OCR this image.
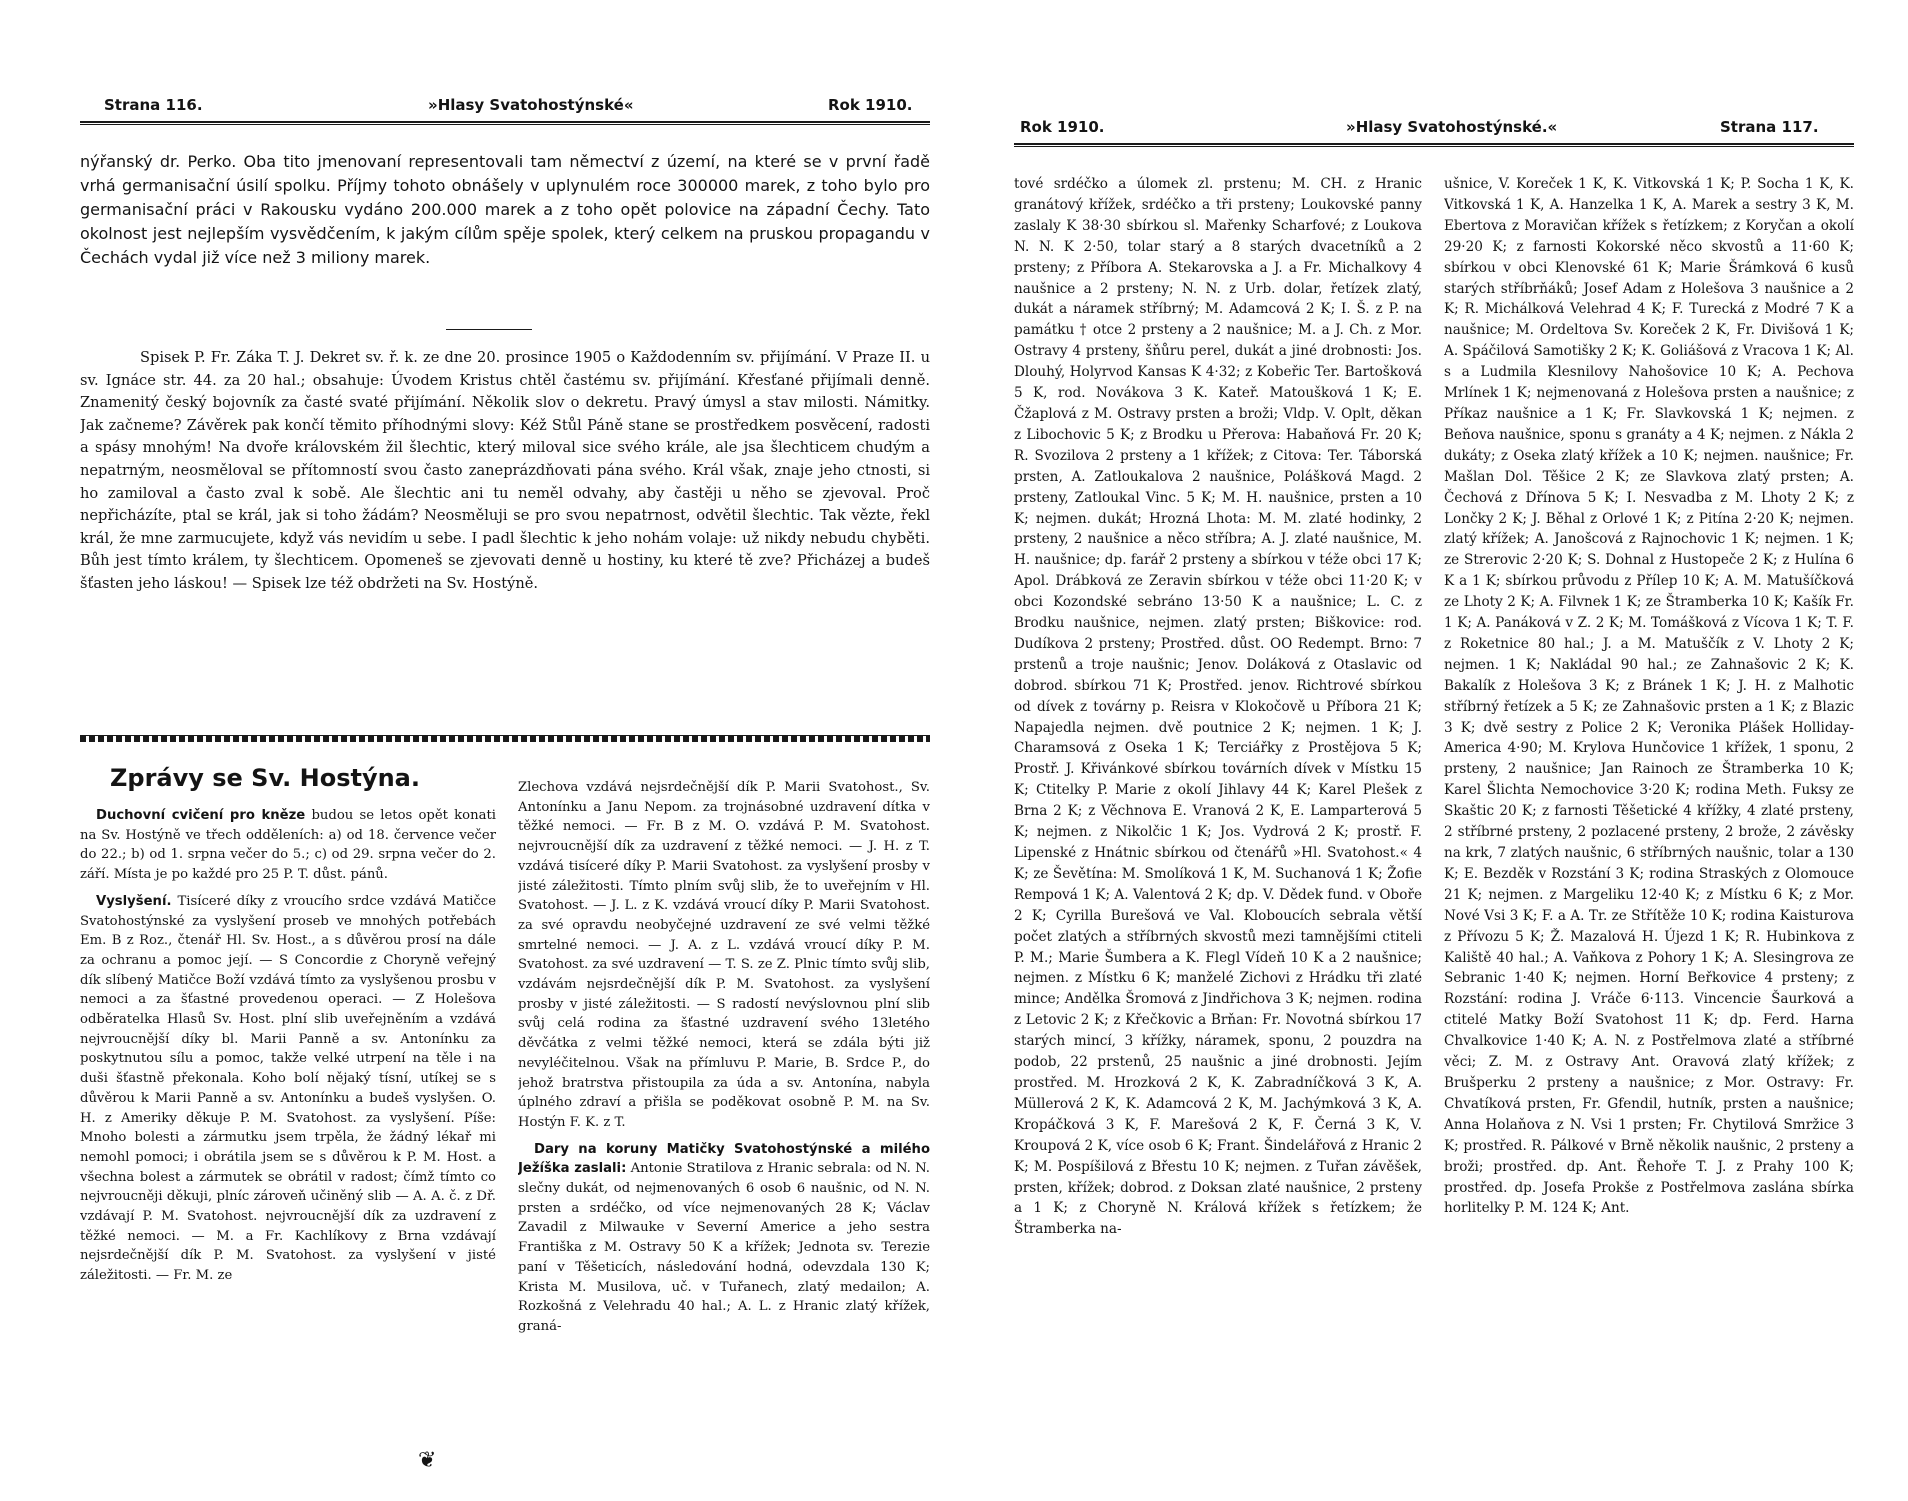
Strana 116.	»Hlasy Svatohostýnské«	Rok 1910.

nýřanský dr. Perko. Oba tito jmenovaní representovali tam němectví z území, na které se v první řadě vrhá germanisační úsilí spolku. Příjmy tohoto obnášely v uplynulém roce 300000 marek, z toho bylo pro germanisační práci v Rakousku vydáno 200.000 marek a z toho opět polovice na západní Čechy. Tato okolnost jest nejlepším vysvědčením, k jakým cílům spěje spolek, který celkem na pruskou propagandu v Čechách vydal již více než 3 miliony marek.

Spisek P. Fr. Záka T. J. Dekret sv. ř. k. ze dne 20. prosince 1905 o Každodenním sv. přijímání. V Praze II. u sv. Ignáce str. 44. za 20 hal.; obsahuje: Úvodem Kristus chtěl častému sv. přijímání. Křesťané přijímali denně. Znamenitý český bojovník za časté svaté přijímání. Několik slov o dekretu. Pravý úmysl a stav milosti. Námitky. Jak začneme? Závěrek pak končí těmito příhodnými slovy: Kéž Stůl Páně stane se prostředkem posvěcení, radosti a spásy mnohým! Na dvoře královském žil šlechtic, který miloval sice svého krále, ale jsa šlechticem chudým a nepatrným, neosměloval se přítomností svou často zaneprázdňovati pána svého. Král však, znaje jeho ctnosti, si ho zamiloval a často zval k sobě. Ale šlechtic ani tu neměl odvahy, aby častěji u něho se zjevoval. Proč nepřicházíte, ptal se král, jak si toho žádám? Neosměluji se pro svou nepatrnost, odvětil šlechtic. Tak vězte, řekl král, že mne zarmucujete, když vás nevidím u sebe. I padl šlechtic k jeho nohám volaje: už nikdy nebudu chyběti. Bůh jest tímto králem, ty šlechticem. Opomeneš se zjevovati denně u hostiny, ku které tě zve? Přicházej a budeš šťasten jeho láskou! — Spisek lze též obdržeti na Sv. Hostýně.

Zprávy se Sv. Hostýna.

Duchovní cvičení pro kněze budou se letos opět konati na Sv. Hostýně ve třech odděleních: a) od 18. července večer do 22.; b) od 1. srpna večer do 5.; c) od 29. srpna večer do 2. září. Místa je po každé pro 25 P. T. důst. pánů.

Vyslyšení. Tisíceré díky z vroucího srdce vzdává Matičce Svatohostýnské za vyslyšení proseb ve mnohých potřebách Em. B z Roz., čtenář Hl. Sv. Host., a s důvěrou prosí na dále za ochranu a pomoc její. — S Concordie z Choryně veřejný dík slíbený Matičce Boží vzdává tímto za vyslyšenou prosbu v nemoci a za šťastné provedenou operaci. — Z Holešova odběratelka Hlasů Sv. Host. plní slib uveřejněním a vzdává nejvroucnější díky bl. Marii Panně a sv. Antonínku za poskytnutou sílu a pomoc, takže velké utrpení na těle i na duši šťastně překonala. Koho bolí nějaký tísní, utíkej se s důvěrou k Marii Panně a sv. Antonínku a budeš vyslyšen. O. H. z Ameriky děkuje P. M. Svatohost. za vyslyšení. Píše: Mnoho bolesti a zármutku jsem trpěla, že žádný lékař mi nemohl pomoci; i obrátila jsem se s důvěrou k P. M. Host. a všechna bolest a zármutek se obrátil v radost; čímž tímto co nejvroucněji děkuji, plníc zároveň učiněný slib — A. A. č. z Dř. vzdávají P. M. Svatohost. nejvroucnější dík za uzdravení z těžké nemoci. — M. a Fr. Kachlíkovy z Brna vzdávají nejsrdečnější dík P. M. Svatohost. za vyslyšení v jisté záležitosti. — Fr. M. ze

Zlechova vzdává nejsrdečnější dík P. Marii Svatohost., Sv. Antonínku a Janu Nepom. za trojnásobné uzdravení dítka v těžké nemoci. — Fr. B z M. O. vzdává P. M. Svatohost. nejvroucnější dík za uzdravení z těžké nemoci. — J. H. z T. vzdává tisíceré díky P. Marii Svatohost. za vyslyšení prosby v jisté záležitosti. Tímto plním svůj slib, že to uveřejním v Hl. Svatohost. — J. L. z K. vzdává vroucí díky P. Marii Svatohost. za své opravdu neobyčejné uzdravení ze své velmi těžké smrtelné nemoci. — J. A. z L. vzdává vroucí díky P. M. Svatohost. za své uzdravení — T. S. ze Z. Plnic tímto svůj slib, vzdávám nejsrdečnější dík P. M. Svatohost. za vyslyšení prosby v jisté záležitosti. — S radostí nevýslovnou plní slib svůj celá rodina za šťastné uzdravení svého 13letého děvčátka z velmi těžké nemoci, která se zdála býti již nevyléčitelnou. Však na přímluvu P. Marie, B. Srdce P., do jehož bratrstva přistoupila za úda a sv. Antonína, nabyla úplného zdraví a přišla se poděkovat osobně P. M. na Sv. Hostýn F. K. z T.

Dary na koruny Matičky Svatohostýnské a milého Ježíška zaslali: Antonie Stratilova z Hranic sebrala: od N. N. slečny dukát, od nejmenovaných 6 osob 6 naušnic, od N. N. prsten a srdéčko, od více nejmenovaných 28 K; Václav Zavadil z Milwauke v Severní Americe a jeho sestra Františka z M. Ostravy 50 K a křížek; Jednota sv. Terezie paní v Těšeticích, následování hodná, odevzdala 130 K; Krista M. Musilova, uč. v Tuřanech, zlatý medailon; A. Rozkošná z Velehradu 40 hal.; A. L. z Hranic zlatý křížek, graná-

❦
Rok 1910.	»Hlasy Svatohostýnské.«	Strana 117.

tové srdéčko a úlomek zl. prstenu; M. CH. z Hranic granátový křížek, srdéčko a tři prsteny; Loukovské panny zaslaly K 38·30 sbírkou sl. Mařenky Scharfové; z Loukova N. N. K 2·50, tolar starý a 8 starých dvacetníků a 2 prsteny; z Příbora A. Stekarovska a J. a Fr. Michalkovy 4 naušnice a 2 prsteny; N. N. z Urb. dolar, řetízek zlatý, dukát a náramek stříbrný; M. Adamcová 2 K; I. Š. z P. na památku † otce 2 prsteny a 2 naušnice; M. a J. Ch. z Mor. Ostravy 4 prsteny, šňůru perel, dukát a jiné drobnosti: Jos. Dlouhý, Holyrvod Kansas K 4·32; z Kobeřic Ter. Bartošková 5 K, rod. Novákova 3 K. Kateř. Matoušková 1 K; E. Čžaplová z M. Ostravy prsten a broži; Vldp. V. Oplt, děkan z Libochovic 5 K; z Brodku u Přerova: Habaňová Fr. 20 K; R. Svozilova 2 prsteny a 1 křížek; z Citova: Ter. Táborská prsten, A. Zatloukalova 2 naušnice, Polášková Magd. 2 prsteny, Zatloukal Vinc. 5 K; M. H. naušnice, prsten a 10 K; nejmen. dukát; Hrozná Lhota: M. M. zlaté hodinky, 2 prsteny, 2 naušnice a něco stříbra; A. J. zlaté naušnice, M. H. naušnice; dp. farář 2 prsteny a sbírkou v téže obci 17 K; Apol. Drábková ze Zeravin sbírkou v téže obci 11·20 K; v obci Kozondské sebráno 13·50 K a naušnice; L. C. z Brodku naušnice, nejmen. zlatý prsten; Biškovice: rod. Dudíkova 2 prsteny; Prostřed. důst. OO Redempt. Brno: 7 prstenů a troje naušnic; Jenov. Doláková z Otaslavic od dobrod. sbírkou 71 K; Prostřed. jenov. Richtrové sbírkou od dívek z továrny p. Reisra v Klokočově u Příbora 21 K; Napajedla nejmen. dvě poutnice 2 K; nejmen. 1 K; J. Charamsová z Oseka 1 K; Terciářky z Prostějova 5 K; Prostř. J. Křivánkové sbírkou továrních dívek v Místku 15 K; Ctitelky P. Marie z okolí Jihlavy 44 K; Karel Plešek z Brna 2 K; z Věchnova E. Vranová 2 K, E. Lamparterová 5 K; nejmen. z Nikolčic 1 K; Jos. Vydrová 2 K; prostř. F. Lipenské z Hnátnic sbírkou od čtenářů »Hl. Svatohost.« 4 K; ze Ševětína: M. Smolíková 1 K, M. Suchanová 1 K; Žofie Rempová 1 K; A. Valentová 2 K; dp. V. Dědek fund. v Oboře 2 K; Cyrilla Burešová ve Val. Kloboucích sebrala větší počet zlatých a stříbrných skvostů mezi tamnějšími ctiteli P. M.; Marie Šumbera a K. Flegl Vídeň 10 K a 2 naušnice; nejmen. z Místku 6 K; manželé Zichovi z Hrádku tři zlaté mince; Andělka Šromová z Jindřichova 3 K; nejmen. rodina z Letovic 2 K; z Křečkovic a Brňan: Fr. Novotná sbírkou 17 starých mincí, 3 křížky, náramek, sponu, 2 pouzdra na podob, 22 prstenů, 25 naušnic a jiné drobnosti. Jejím prostřed. M. Hrozková 2 K, K. Zabradníčková 3 K, A. Müllerová 2 K, K. Adamcová 2 K, M. Jachýmková 3 K, A. Kropáčková 3 K, F. Marešová 2 K, F. Černá 3 K, V. Kroupová 2 K, více osob 6 K; Frant. Šindelářová z Hranic 2 K; M. Pospíšilová z Břestu 10 K; nejmen. z Tuřan závěšek, prsten, křížek; dobrod. z Doksan zlaté naušnice, 2 prsteny a 1 K; z Choryně N. Králová křížek s řetízkem; že Štramberka na-

ušnice, V. Koreček 1 K, K. Vitkovská 1 K; P. Socha 1 K, K. Vitkovská 1 K, A. Hanzelka 1 K, A. Marek a sestry 3 K, M. Ebertova z Moravičan křížek s řetízkem; z Koryčan a okolí 29·20 K; z farnosti Kokorské něco skvostů a 11·60 K; sbírkou v obci Klenovské 61 K; Marie Šrámková 6 kusů starých stříbrňáků; Josef Adam z Holešova 3 naušnice a 2 K; R. Michálková Velehrad 4 K; F. Turecká z Modré 7 K a naušnice; M. Ordeltova Sv. Koreček 2 K, Fr. Divišová 1 K; A. Spáčilová Samotišky 2 K; K. Goliášová z Vracova 1 K; Al. s a Ludmila Klesnilovy Nahošovice 10 K; A. Pechova Mrlínek 1 K; nejmenovaná z Holešova prsten a naušnice; z Příkaz naušnice a 1 K; Fr. Slavkovská 1 K; nejmen. z Beňova naušnice, sponu s granáty a 4 K; nejmen. z Nákla 2 dukáty; z Oseka zlatý křížek a 10 K; nejmen. naušnice; Fr. Mašlan Dol. Těšice 2 K; ze Slavkova zlatý prsten; A. Čechová z Dřínova 5 K; I. Nesvadba z M. Lhoty 2 K; z Lončky 2 K; J. Běhal z Orlové 1 K; z Pitína 2·20 K; nejmen. zlatý křížek; A. Janošcová z Rajnochovic 1 K; nejmen. 1 K; ze Strerovic 2·20 K; S. Dohnal z Hustopeče 2 K; z Hulína 6 K a 1 K; sbírkou průvodu z Přílep 10 K; A. M. Matušíčková ze Lhoty 2 K; A. Filvnek 1 K; ze Štramberka 10 K; Kašík Fr. 1 K; A. Panáková v Z. 2 K; M. Tomášková z Vícova 1 K; T. F. z Roketnice 80 hal.; J. a M. Matuščík z V. Lhoty 2 K; nejmen. 1 K; Nakládal 90 hal.; ze Zahnašovic 2 K; K. Bakalík z Holešova 3 K; z Bránek 1 K; J. H. z Malhotic stříbrný řetízek a 5 K; ze Zahnašovic prsten a 1 K; z Blazic 3 K; dvě sestry z Police 2 K; Veronika Plášek Holliday-America 4·90; M. Krylova Hunčovice 1 křížek, 1 sponu, 2 prsteny, 2 naušnice; Jan Rainoch ze Štramberka 10 K; Karel Šlichta Nemochovice 3·20 K; rodina Meth. Fuksy ze Skaštic 20 K; z farnosti Těšetické 4 křížky, 4 zlaté prsteny, 2 stříbrné prsteny, 2 pozlacené prsteny, 2 brože, 2 závěsky na krk, 7 zlatých naušnic, 6 stříbrných naušnic, tolar a 130 K; E. Bezděk v Rozstání 3 K; rodina Straských z Olomouce 21 K; nejmen. z Margeliku 12·40 K; z Místku 6 K; z Mor. Nové Vsi 3 K; F. a A. Tr. ze Střítěže 10 K; rodina Kaisturova z Přívozu 5 K; Ž. Mazalová H. Újezd 1 K; R. Hubinkova z Kaliště 40 hal.; A. Vaňkova z Pohory 1 K; A. Slesingrova ze Sebranic 1·40 K; nejmen. Horní Beřkovice 4 prsteny; z Rozstání: rodina J. Vráče 6·113. Vincencie Šaurková a ctitelé Matky Boží Svatohost 11 K; dp. Ferd. Harna Chvalkovice 1·40 K; A. N. z Postřelmova zlaté a stříbrné věci; Z. M. z Ostravy Ant. Oravová zlatý křížek; z Brušperku 2 prsteny a naušnice; z Mor. Ostravy: Fr. Chvatíková prsten, Fr. Gfendil, hutník, prsten a naušnice; Anna Holaňova z N. Vsi 1 prsten; Fr. Chytilová Smržice 3 K; prostřed. R. Pálkové v Brně několik naušnic, 2 prsteny a broži; prostřed. dp. Ant. Řehoře T. J. z Prahy 100 K; prostřed. dp. Josefa Prokše z Postřelmova zaslána sbírka horlitelky P. M. 124 K; Ant.
